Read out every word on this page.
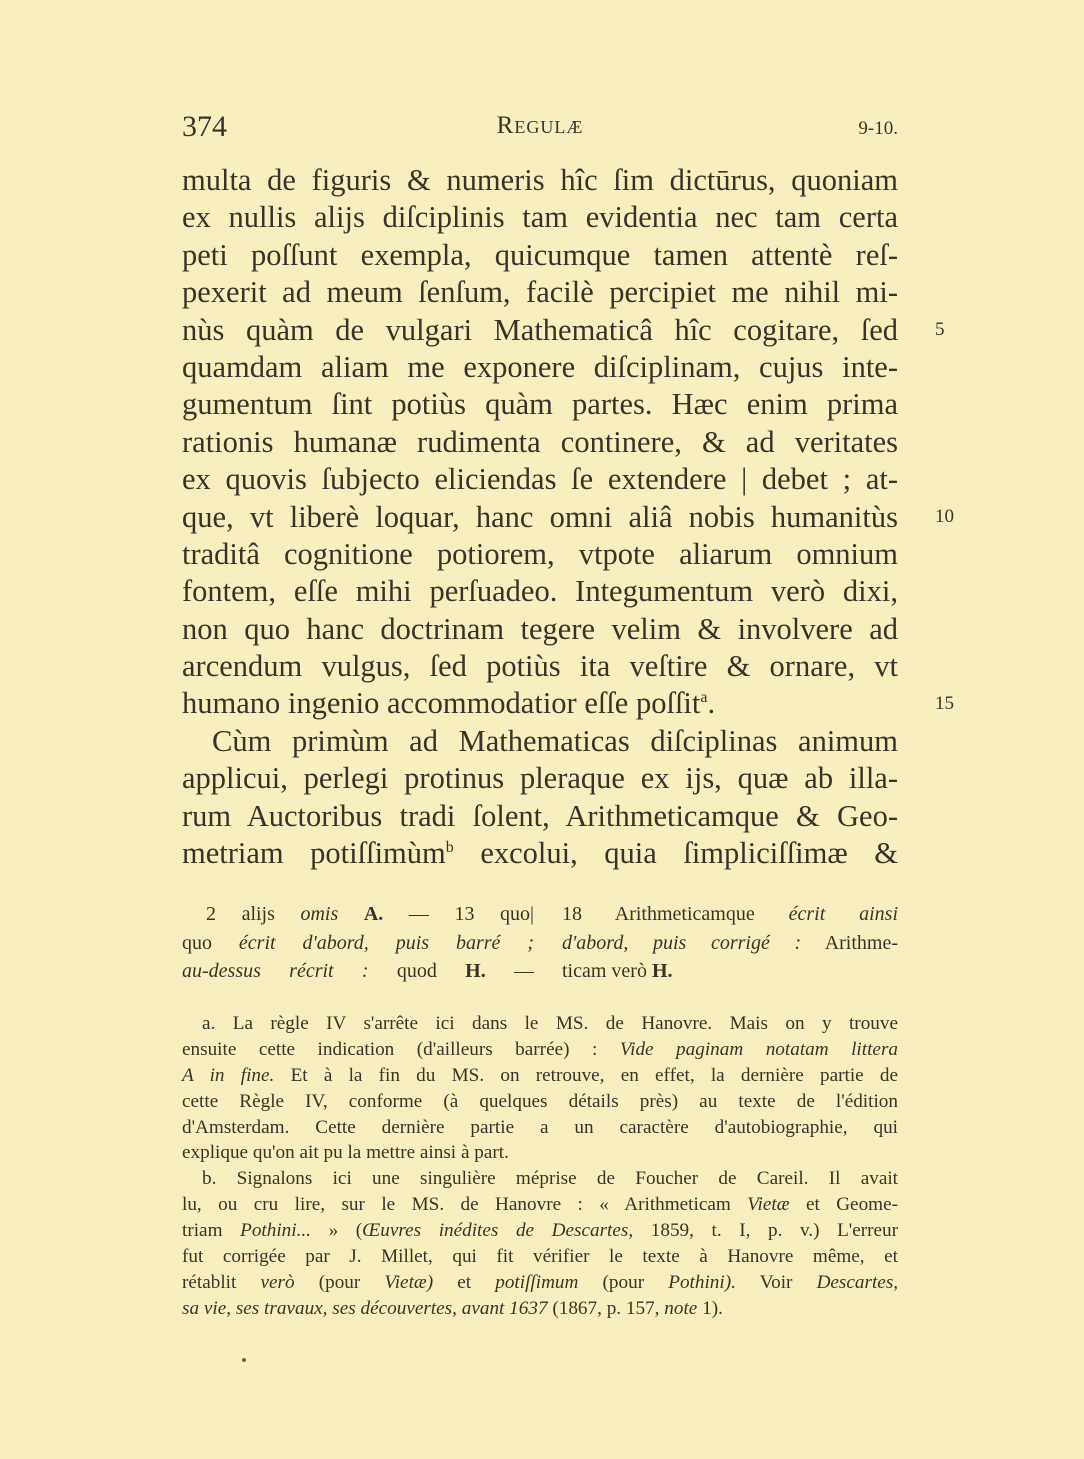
374	Regulæ	9-10.
multa de figuris & numeris hîc ſim dictūrus, quoniam
ex nullis alijs diſciplinis tam evidentia nec tam certa
peti poſſunt exempla, quicumque tamen attentè reſ-
pexerit ad meum ſenſum, facilè percipiet me nihil mi-
nùs quàm de vulgari Mathematicâ hîc cogitare, ſed
quamdam aliam me exponere diſciplinam, cujus inte-
gumentum ſint potiùs quàm partes. Hæc enim prima
rationis humanæ rudimenta continere, & ad veritates
ex quovis ſubjecto eliciendas ſe extendere | debet ; at-
que, vt liberè loquar, hanc omni aliâ nobis humanitùs
traditâ cognitione potiorem, vtpote aliarum omnium
fontem, eſſe mihi perſuadeo. Integumentum verò dixi,
non quo hanc doctrinam tegere velim & involvere ad
arcendum vulgus, ſed potiùs ita veſtire & ornare, vt
humano ingenio accommodatior eſſe poſſit$^a$.
Cùm primùm ad Mathematicas diſciplinas animum
applicui, perlegi protinus pleraque ex ijs, quæ ab illa-
rum Auctoribus tradi ſolent, Arithmeticamque & Geo-
metriam potiſſimùm$^b$ excolui, quia ſimpliciſſimæ &
5
10
15
2 alijs omis A. — 13 quo|
quo écrit d'abord, puis barré ;
au-dessus récrit : quod H. —
18 Arithmeticamque écrit ainsi
d'abord, puis corrigé : Arithme-
ticam verò H.
a. La règle IV s'arrête ici dans le MS. de Hanovre. Mais on y trouve
ensuite cette indication (d'ailleurs barrée) : Vide paginam notatam littera
A in fine. Et à la fin du MS. on retrouve, en effet, la dernière partie de
cette Règle IV, conforme (à quelques détails près) au texte de l'édition
d'Amsterdam. Cette dernière partie a un caractère d'autobiographie, qui
explique qu'on ait pu la mettre ainsi à part.
b. Signalons ici une singulière méprise de Foucher de Careil. Il avait
lu, ou cru lire, sur le MS. de Hanovre : « Arithmeticam Vietæ et Geome-
triam Pothini... » (Œuvres inédites de Descartes, 1859, t. I, p. v.) L'erreur
fut corrigée par J. Millet, qui fit vérifier le texte à Hanovre même, et
rétablit verò (pour Vietæ) et potiſſimum (pour Pothini). Voir Descartes,
sa vie, ses travaux, ses découvertes, avant 1637 (1867, p. 157, note 1).
